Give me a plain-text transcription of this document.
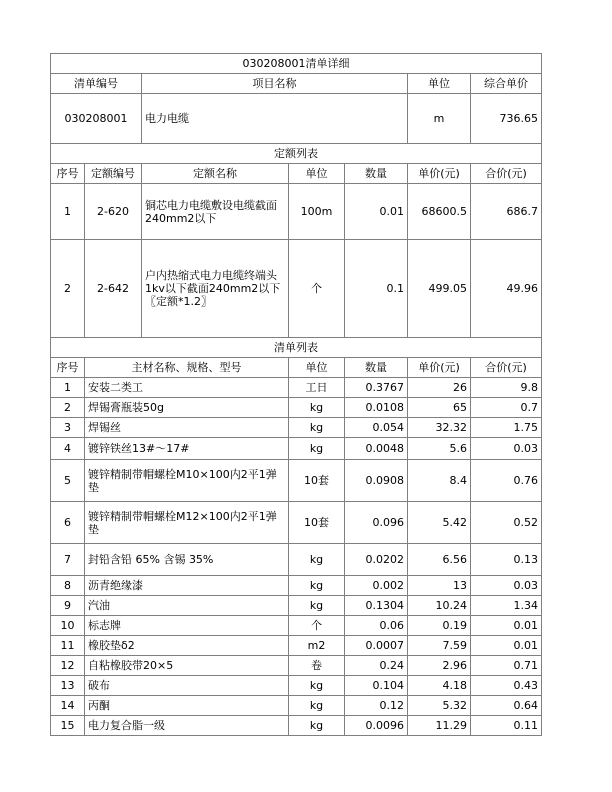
030208001清单详细						
清单编号		项目名称			单位	综合单价
030208001		电力电缆			m	736.65
定额列表						
序号	定额编号	定额名称	单位	数量	单价(元)	合价(元)
1	2-620	铜芯电力电缆敷设电缆截面240mm2以下	100m	0.01	68600.5	686.7
2	2-642	户内热缩式电力电缆终端头1kv以下截面240mm2以下〖定额*1.2〗	个	0.1	499.05	49.96
清单列表						
序号	主材名称、规格、型号		单位	数量	单价(元)	合价(元)
1	安装二类工		工日	0.3767	26	9.8
2	焊锡膏瓶装50g		kg	0.0108	65	0.7
3	焊锡丝		kg	0.054	32.32	1.75
4	镀锌铁丝13#～17#		kg	0.0048	5.6	0.03
5	镀锌精制带帽螺栓M10×100内2平1弹垫		10套	0.0908	8.4	0.76
6	镀锌精制带帽螺栓M12×100内2平1弹垫		10套	0.096	5.42	0.52
7	封铅含铅 65% 含锡 35%		kg	0.0202	6.56	0.13
8	沥青绝缘漆		kg	0.002	13	0.03
9	汽油		kg	0.1304	10.24	1.34
10	标志牌		个	0.06	0.19	0.01
11	橡胶垫δ2		m2	0.0007	7.59	0.01
12	自粘橡胶带20×5		卷	0.24	2.96	0.71
13	破布		kg	0.104	4.18	0.43
14	丙酮		kg	0.12	5.32	0.64
15	电力复合脂一级		kg	0.0096	11.29	0.11
